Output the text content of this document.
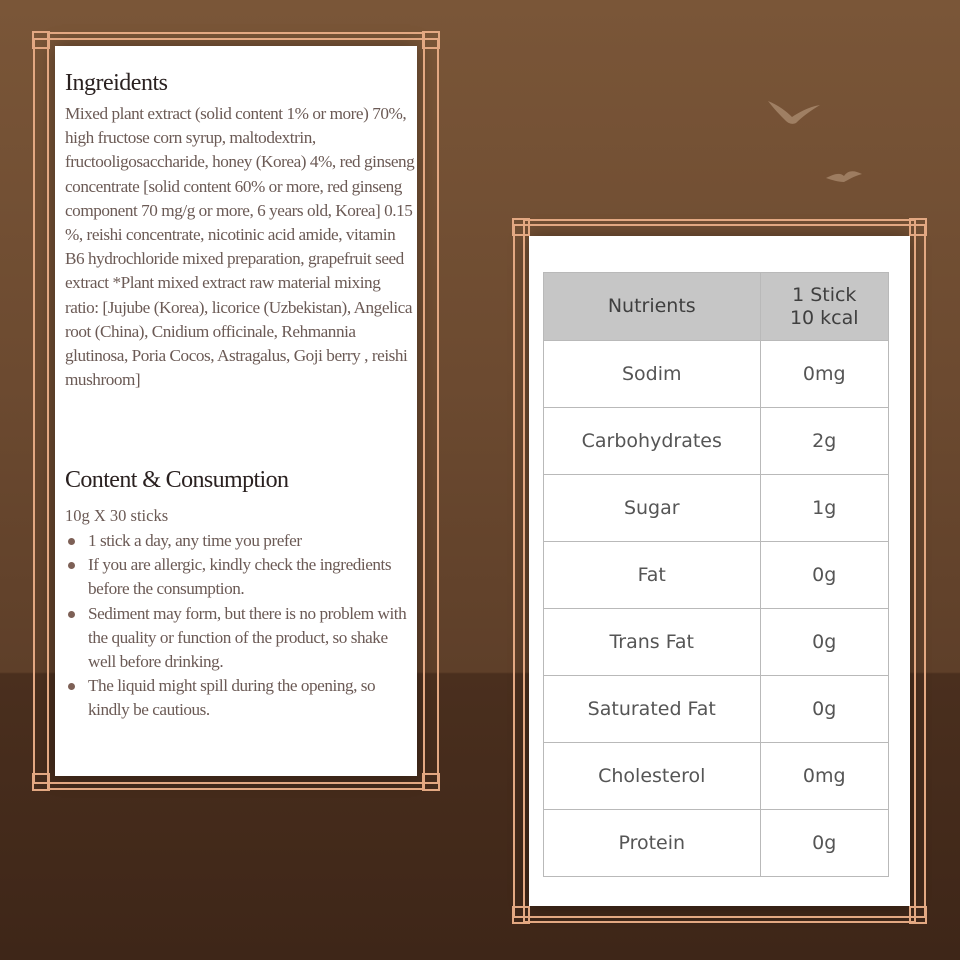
Ingreidents

Mixed plant extract (solid content 1% or more) 70%, high fructose corn syrup, maltodextrin, fructooligosaccharide, honey (Korea) 4%, red ginseng concentrate [solid content 60% or more, red ginseng component 70 mg/g or more, 6 years old, Korea] 0.15 %, reishi concentrate, nicotinic acid amide, vitamin B6 hydrochloride mixed preparation, grapefruit seed extract *Plant mixed extract raw material mixing ratio: [Jujube (Korea), licorice (Uzbekistan), Angelica root (China), Cnidium officinale, Rehmannia glutinosa, Poria Cocos, Astragalus, Goji berry , reishi mushroom]

Content & Consumption

10g X 30 sticks

1 stick a day, any time you prefer
If you are allergic, kindly check the ingredients before the consumption.
Sediment may form, but there is no problem with the quality or function of the product, so shake well before drinking.
The liquid might spill during the opening, so kindly be cautious.
Nutrients	1 Stick
10 kcal

Sodim	0mg
Carbohydrates	2g
Sugar	1g
Fat	0g
Trans Fat	0g
Saturated Fat	0g
Cholesterol	0mg
Protein	0g
